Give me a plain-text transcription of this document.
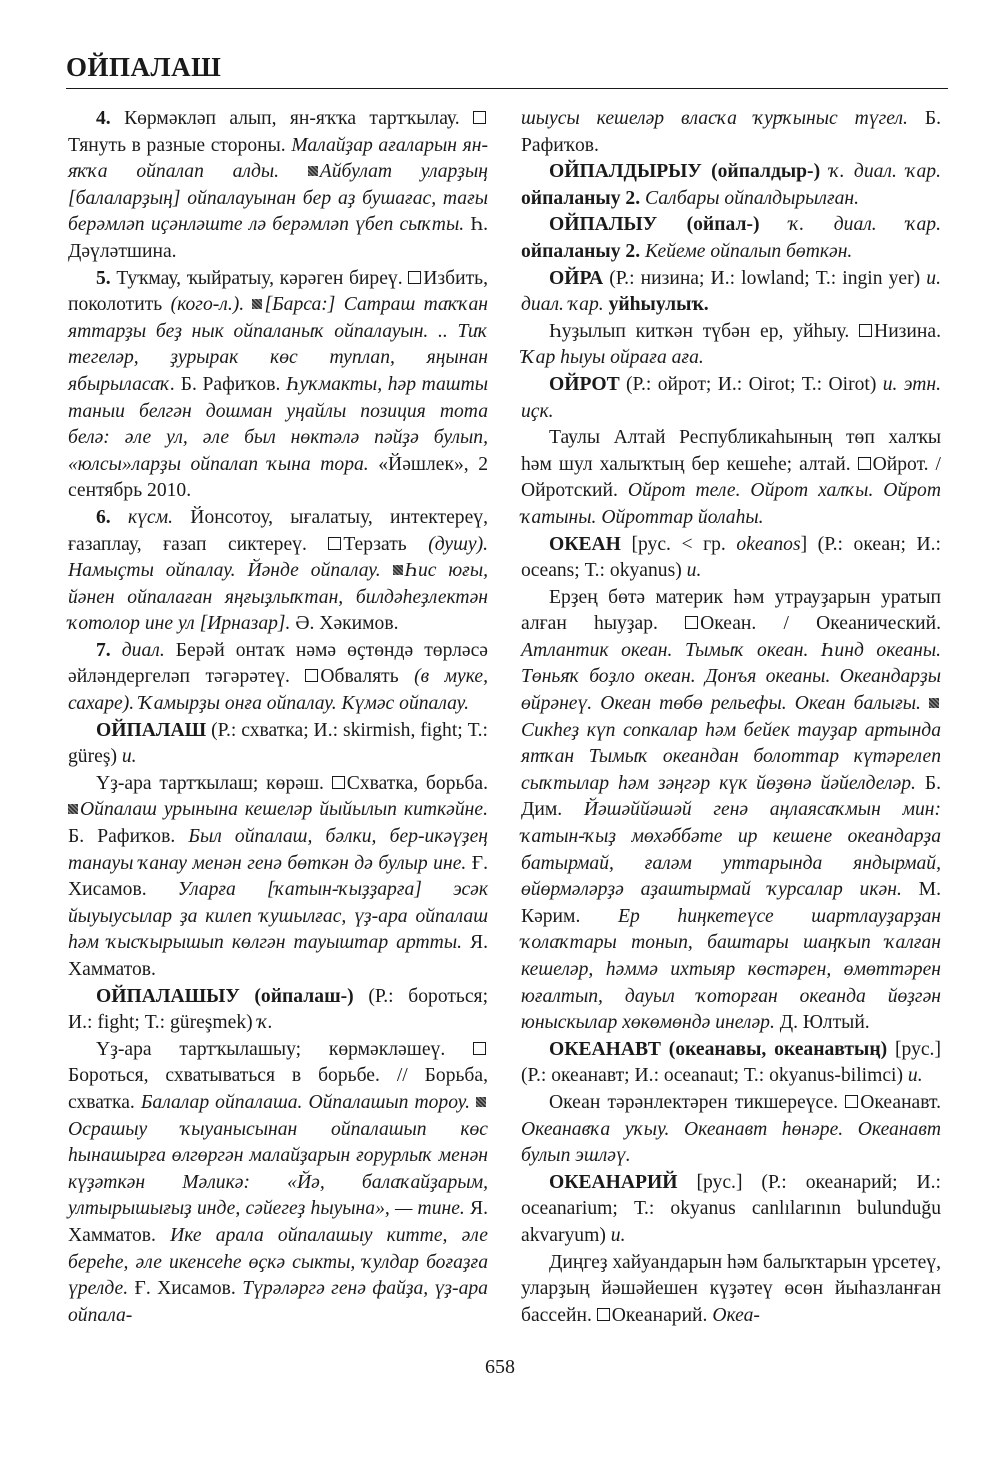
ОЙПАЛАШ

4. Көрмәкләп алып, ян-яҡҡа тартҡылау. Тянуть в разные стороны. Малайҙар ағаларын ян-яҡҡа ойпалап алды. Айбулат уларҙың [балаларҙың] ойпалауынан бер аҙ бушағас, тағы берәмләп иҫәнләште лә берәмләп үбеп сыҡты. Һ. Дәүләтшина.

5. Туҡмау, ҡыйратыу, кәрәген биреү. Избить, поколотить (кого-л.). [Барса:] Сатраш таҡҡан яттарҙы беҙ нык ойпаланыҡ ойпалауын. .. Тиҡ тегеләр, ҙурырак көс туплап, яңынан ябырыласаҡ. Б. Рафиҡов. Һуҡмакты, һәр ташты таныи белгән дошман уңайлы позиция тота белә: әле ул, әле был нөктәлә пәйҙә булып, «юлсы»ларҙы ойпалап ҡына тора. «Йәшлек», 2 сентябрь 2010.

6. күсм. Йонсотоу, ығалатыу, интектереү, ғазаплау, ғазап сиктереү. Терзать (душу). Намыҫты ойпалау. Йәнде ойпалау. Һис юғы, йәнен ойпалаған яңғыҙлыҡтан, билдәһеҙлектән ҡотолор ине ул [Ирназар]. Ә. Хәкимов.

7. диал. Берәй онтаҡ нәмә өҫтөндә төрләсә әйләндергеләп тәгәрәтеү. Обвалять (в муке, сахаре). Ҡамырҙы онға ойпалау. Күмәс ойпалау.

ОЙПАЛАШ (Р.: схватка; И.: skirmish, fight; Т.: güreş) и.

Үҙ-ара тартҡылаш; көрәш. Схватка, борьба. Ойпалаш урынына кешеләр йыйылып киткәйне. Б. Рафиҡов. Был ойпалаш, бәлки, бер-икәүҙең танауы ҡанау менән генә бөткән дә булыр ине. Ғ. Хисамов. Уларға [ҡатын-ҡыҙҙарға] эсәк йыуыусылар ҙа килеп ҡушылғас, үҙ-ара ойпалаш һәм ҡысҡырышып көлгән тауыштар артты. Я. Хамматов.

ОЙПАЛАШЫУ (ойпалаш-) (Р.: бороться; И.: fight; Т.: güreşmek) ҡ.

Үҙ-ара тартҡылашыу; көрмәкләшеү. Бороться, схватываться в борьбе. // Борьба, схватка. Балалар ойпалаша. Ойпалашып тороу. Осрашыу ҡыуанысынан ойпалашып көс һынашырға өлгөргән малайҙарын ғорурлыҡ менән күҙәткән Мәликә: «Йә, балаҡайҙарым, ултырышығыҙ инде, сәйегеҙ һыуына», — тине. Я. Хамматов. Ике арала ойпалашыу китте, әле береһе, әле икенсеһе өҫкә сыкты, ҡулдар боғаҙға үрелде. Ғ. Хисамов. Түрәләргә генә файҙа, үҙ-ара ойпала-

шыусы кешеләр власҡа ҡурҡыныс түгел. Б. Рафиҡов.

ОЙПАЛДЫРЫУ (ойпалдыр-) ҡ. диал. ҡар. ойпаланыу 2. Салбары ойпалдырылған.

ОЙПАЛЫУ (ойпал-) ҡ. диал. ҡар. ойпаланыу 2. Кейеме ойпалып бөткән.

ОЙРА (Р.: низина; И.: lowland; Т.: ingin yer) и. диал. ҡар. уйһыулыҡ.

Һуҙылып киткән түбән ер, уйһыу. Низина. Ҡар һыуы ойраға аға.

ОЙРОТ (Р.: ойрот; И.: Oirot; Т.: Oirot) и. этн. иҫк.

Таулы Алтай Республикаһының төп халҡы һәм шул халыҡтың бер кешеһе; алтай. Ойрот. / Ойротский. Ойрот теле. Ойрот халҡы. Ойрот ҡатыны. Ойроттар йолаһы.

ОКЕАН [рус. < гр. okeanos] (Р.: океан; И.: oceans; Т.: okyanus) и.

Ерҙең бөтә материк һәм утрауҙарын уратып алған һыуҙар. Океан. / Океанический. Атлантик океан. Тымыҡ океан. Һинд океаны. Төньяҡ боҙло океан. Донъя океаны. Океандарҙы өйрәнеү. Океан төбө рельефы. Океан балығы. Сикһеҙ күп сопкалар һәм бейек тауҙар артында ятҡан Тымыҡ океандан болоттар күтәрелеп сыҡтылар һәм зәңгәр күк йөҙөнә йәйелделәр. Б. Дим. Йәшәййәшәй генә аңлаясаҡмын мин: ҡатын-ҡыҙ мөхәббәте ир кешене океандарҙа батырмай, ғаләм уттарында яндырмай, өйөрмәләрҙә аҙаштырмай ҡурсалар икән. М. Кәрим. Ер һиңкетеүсе шартлауҙарҙан ҡолаҡтары тонып, баштары шаңҡып ҡалған кешеләр, һәммә ихтыяр көстәрен, өмөттәрен юғалтып, дауыл ҡоторған океанда йөҙгән юныскылар хөкөмөндә инеләр. Д. Юлтый.

ОКЕАНАВТ (океанавы, океанавтың) [рус.] (Р.: океанавт; И.: oceanaut; Т.: okyanus-bilimci) и.

Океан тәрәнлектәрен тикшереүсе. Океанавт. Океанавҡа уҡыу. Океанавт һөнәре. Океанавт булып эшләү.

ОКЕАНАРИЙ [рус.] (Р.: океанарий; И.: oceanarium; Т.: okyanus canlılarının bulunduğu akvaryum) и.

Диңгеҙ хайуандарын һәм балыҡтарын үрсетеү, уларҙың йәшәйешен күҙәтеү өсөн йыһазланған бассейн. Океанарий. Океа-

658
